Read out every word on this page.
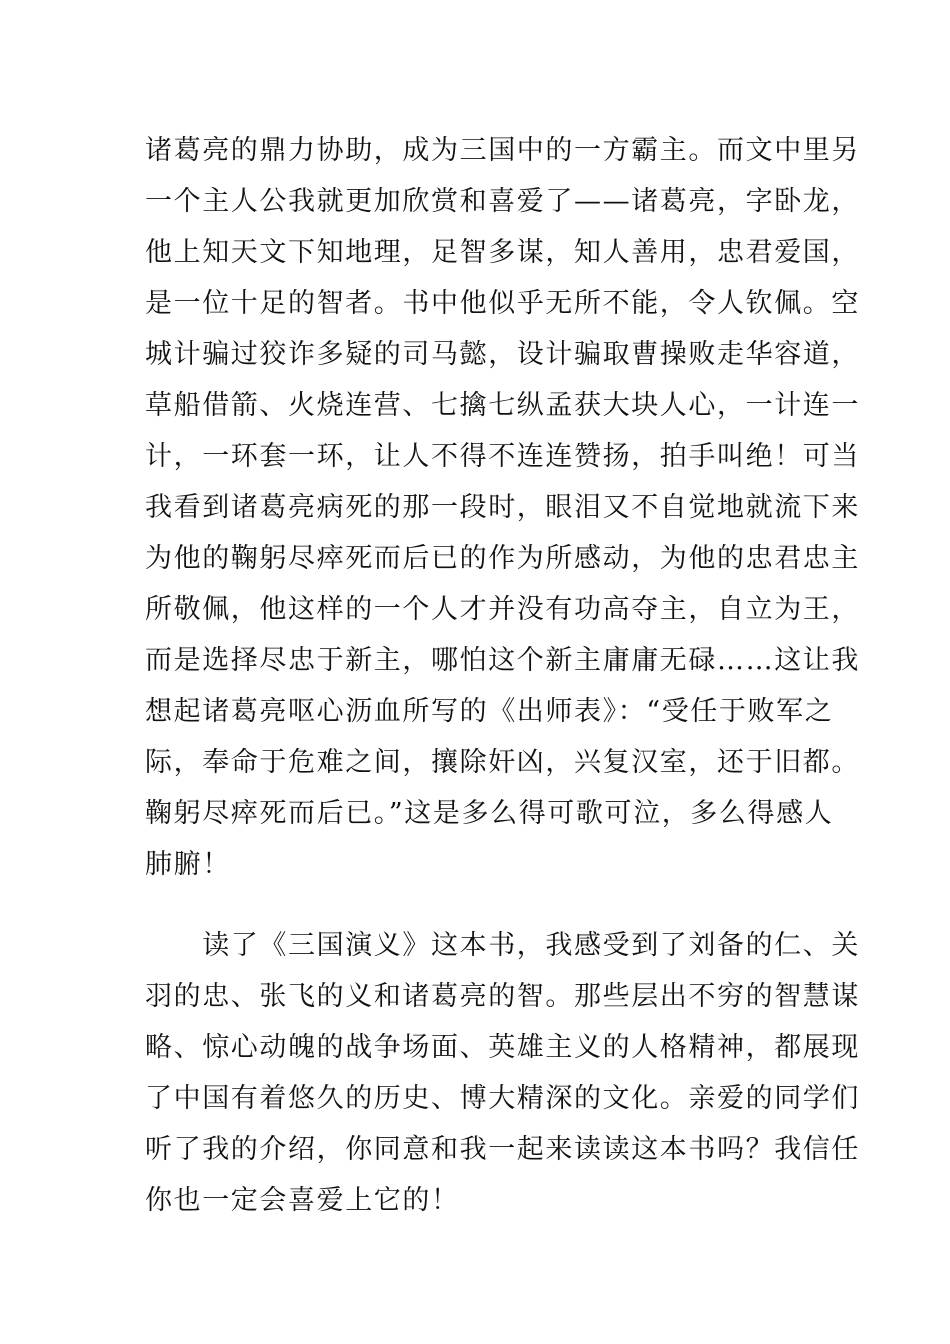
诸葛亮的鼎力协助，成为三国中的一方霸主。而文中里另
一个主人公我就更加欣赏和喜爱了——诸葛亮，字卧龙，
他上知天文下知地理，足智多谋，知人善用，忠君爱国，
是一位十足的智者。书中他似乎无所不能，令人钦佩。空
城计骗过狡诈多疑的司马懿，设计骗取曹操败走华容道，
草船借箭、火烧连营、七擒七纵孟获大块人心，一计连一
计，一环套一环，让人不得不连连赞扬，拍手叫绝！可当
我看到诸葛亮病死的那一段时，眼泪又不自觉地就流下来
为他的鞠躬尽瘁死而后已的作为所感动，为他的忠君忠主
所敬佩，他这样的一个人才并没有功高夺主，自立为王，
而是选择尽忠于新主，哪怕这个新主庸庸无碌……这让我
想起诸葛亮呕心沥血所写的《出师表》：“受任于败军之
际，奉命于危难之间，攘除奸凶，兴复汉室，还于旧都。
鞠躬尽瘁死而后已。”这是多么得可歌可泣，多么得感人
肺腑！
　　读了《三国演义》这本书，我感受到了刘备的仁、关
羽的忠、张飞的义和诸葛亮的智。那些层出不穷的智慧谋
略、惊心动魄的战争场面、英雄主义的人格精神，都展现
了中国有着悠久的历史、博大精深的文化。亲爱的同学们
听了我的介绍，你同意和我一起来读读这本书吗？我信任
你也一定会喜爱上它的！
